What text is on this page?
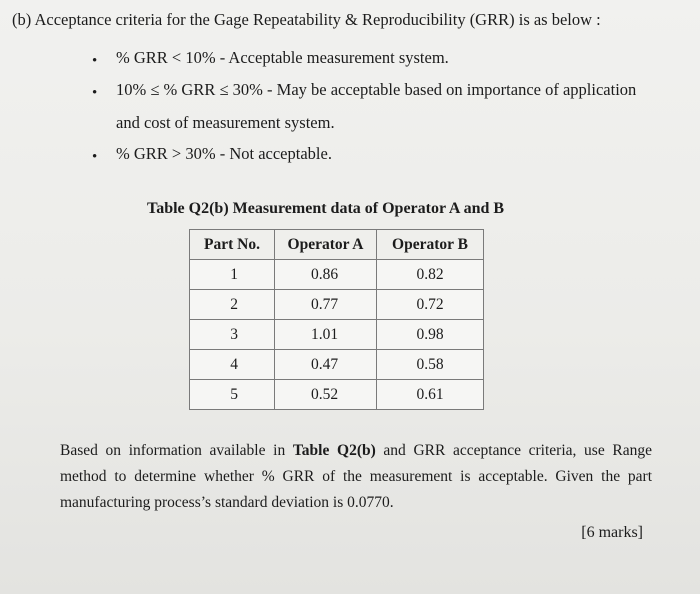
(b) Acceptance criteria for the Gage Repeatability & Reproducibility (GRR) is as below :
• % GRR < 10% - Acceptable measurement system.
• 10% ≤ % GRR ≤ 30% - May be acceptable based on importance of application
and cost of measurement system.
• % GRR > 30% - Not acceptable.
Table Q2(b) Measurement data of Operator A and B
Part No.	Operator A	Operator B
1	0.86	0.82
2	0.77	0.72
3	1.01	0.98
4	0.47	0.58
5	0.52	0.61
Based on information available in Table Q2(b) and GRR acceptance criteria, use Range method to determine whether % GRR of the measurement is acceptable. Given the part manufacturing process’s standard deviation is 0.0770.
[6 marks]
